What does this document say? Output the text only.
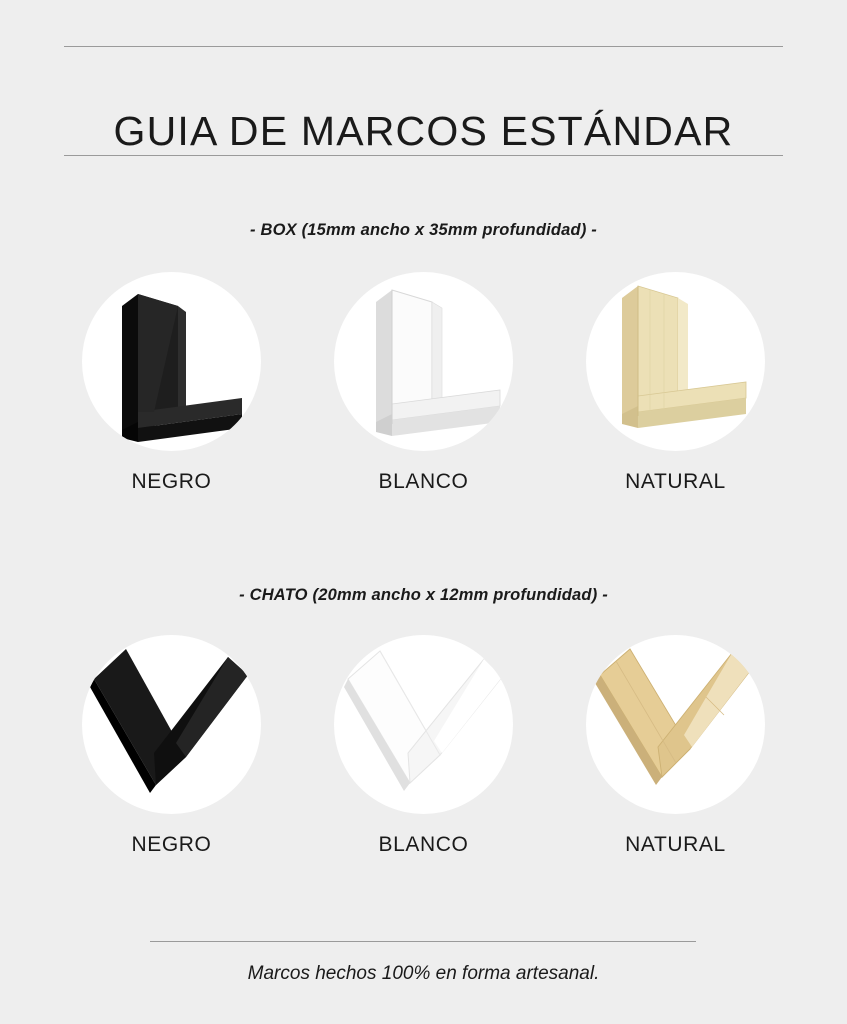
GUIA DE MARCOS ESTÁNDAR
- BOX (15mm ancho x 35mm profundidad) -
NEGRO	BLANCO	NATURAL
- CHATO (20mm ancho x 12mm profundidad) -
NEGRO	BLANCO	NATURAL
Marcos hechos 100% en forma artesanal.
